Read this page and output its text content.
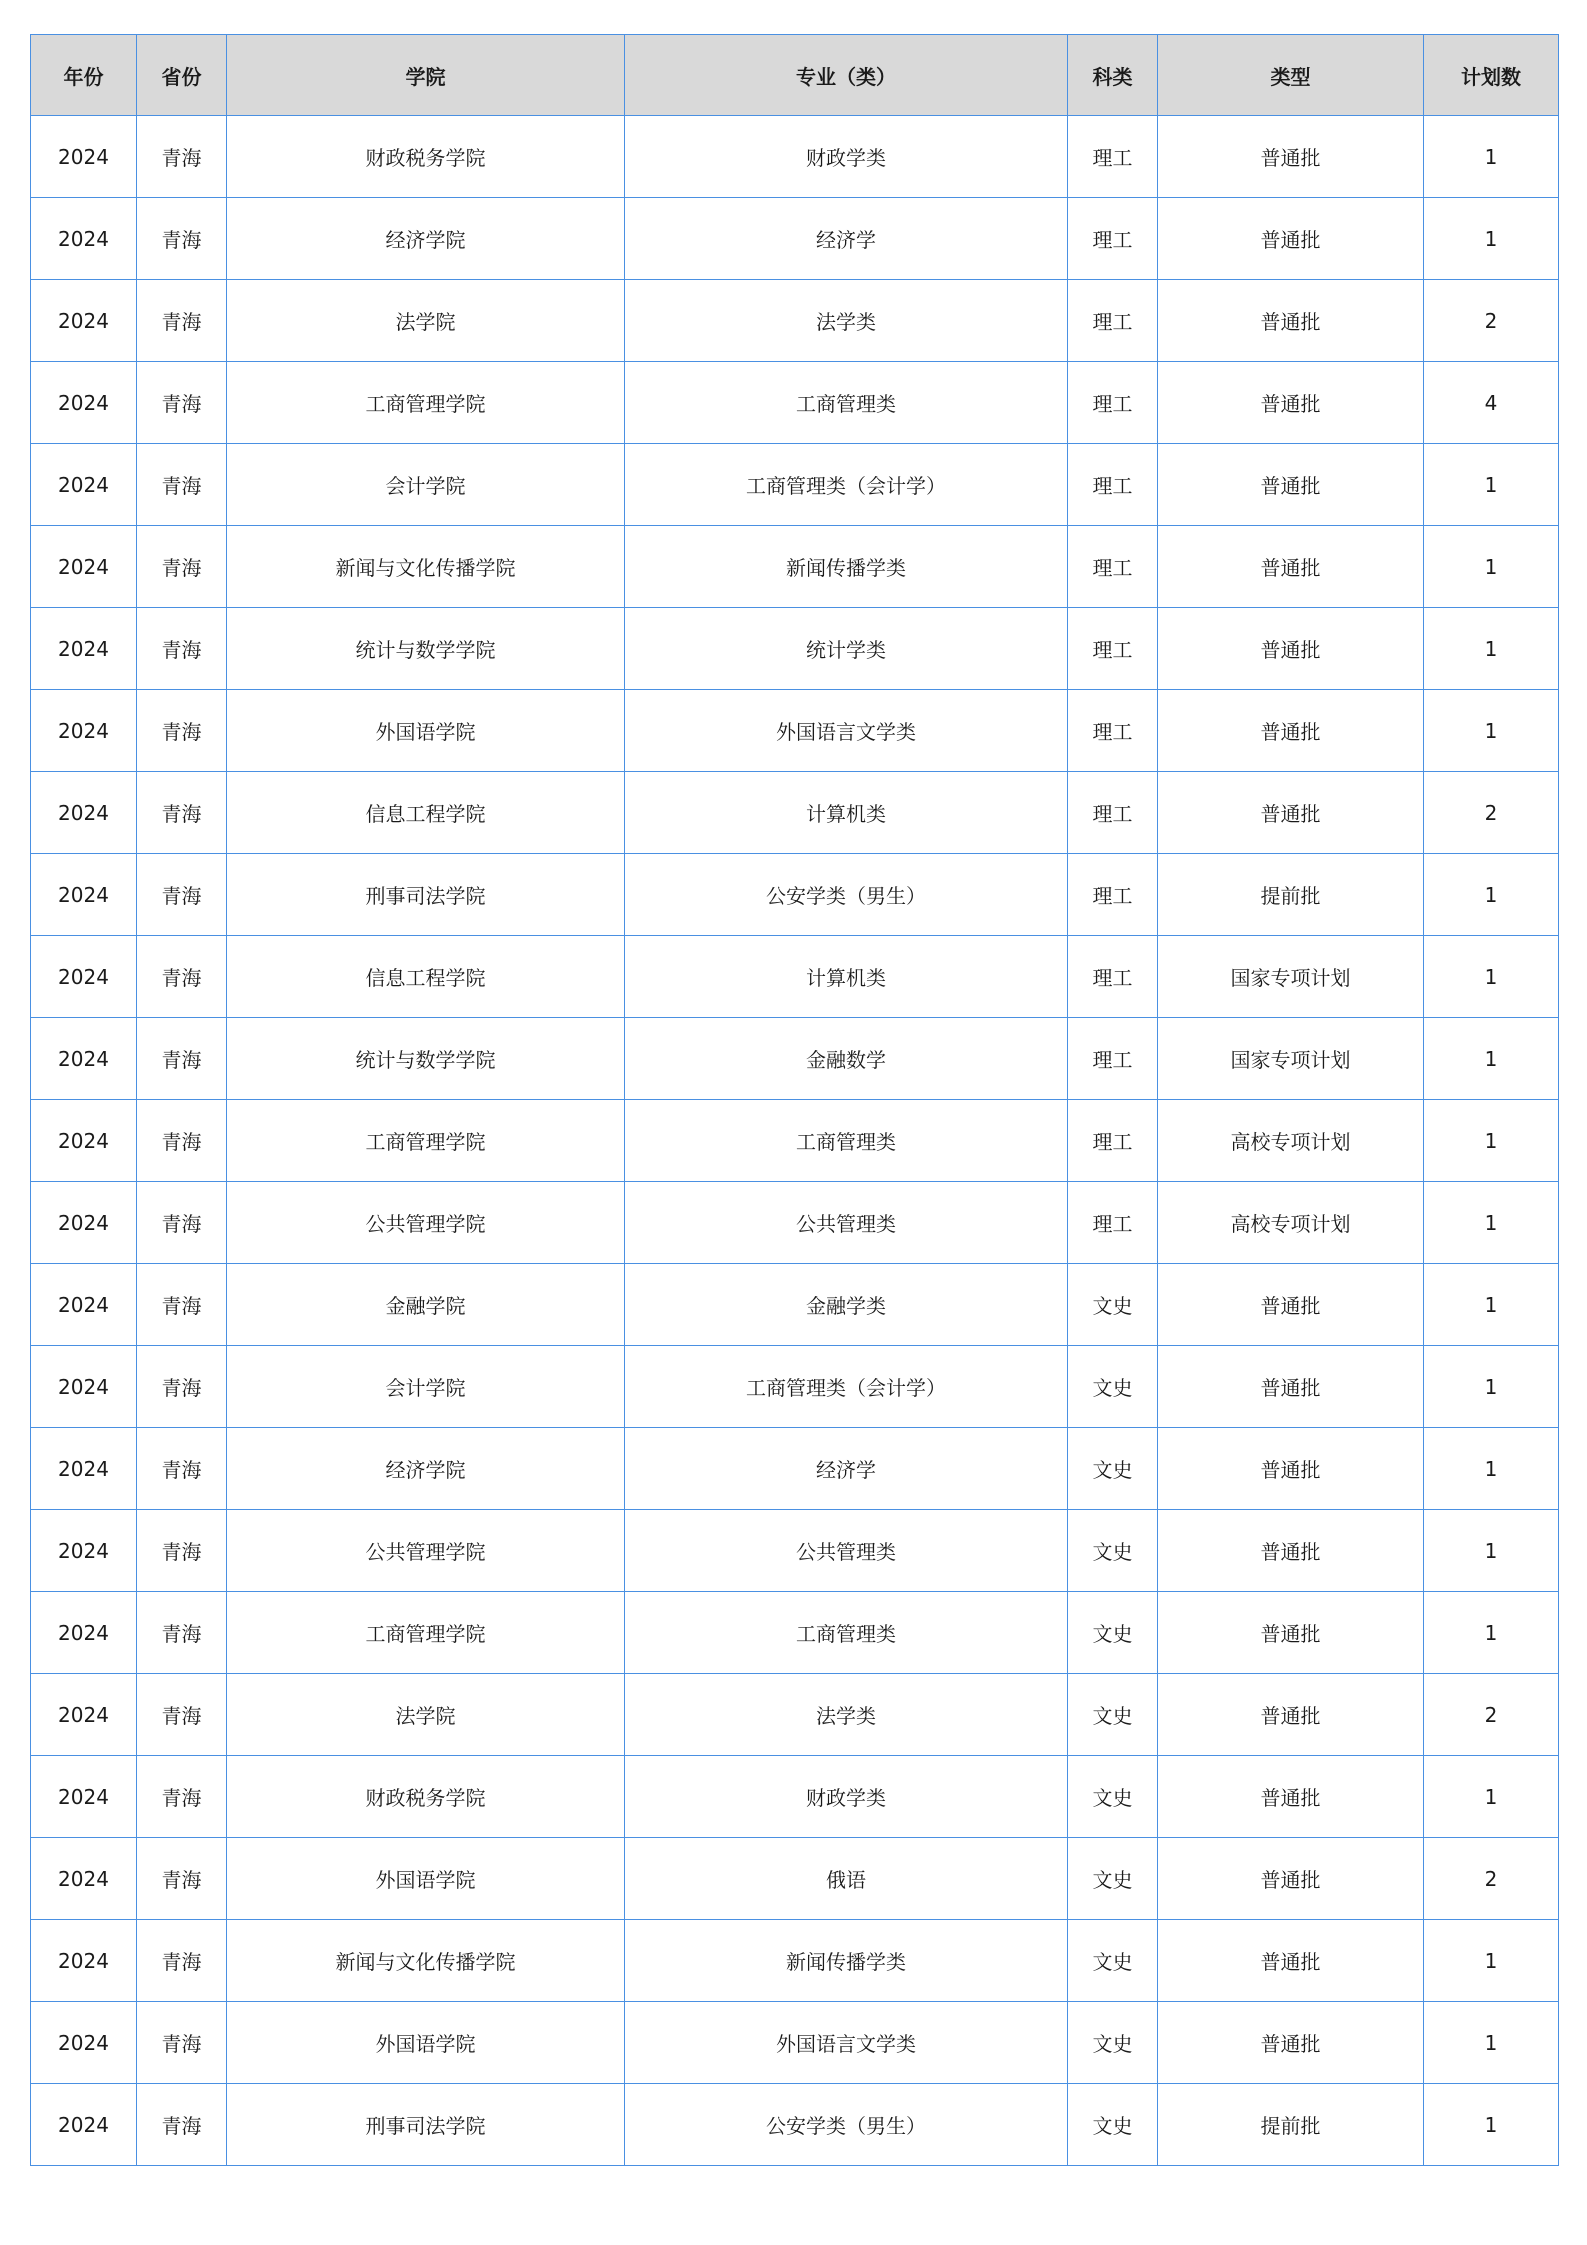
年份	省份	学院	专业（类）	科类	类型	计划数
2024	青海	财政税务学院	财政学类	理工	普通批	1
2024	青海	经济学院	经济学	理工	普通批	1
2024	青海	法学院	法学类	理工	普通批	2
2024	青海	工商管理学院	工商管理类	理工	普通批	4
2024	青海	会计学院	工商管理类（会计学）	理工	普通批	1
2024	青海	新闻与文化传播学院	新闻传播学类	理工	普通批	1
2024	青海	统计与数学学院	统计学类	理工	普通批	1
2024	青海	外国语学院	外国语言文学类	理工	普通批	1
2024	青海	信息工程学院	计算机类	理工	普通批	2
2024	青海	刑事司法学院	公安学类（男生）	理工	提前批	1
2024	青海	信息工程学院	计算机类	理工	国家专项计划	1
2024	青海	统计与数学学院	金融数学	理工	国家专项计划	1
2024	青海	工商管理学院	工商管理类	理工	高校专项计划	1
2024	青海	公共管理学院	公共管理类	理工	高校专项计划	1
2024	青海	金融学院	金融学类	文史	普通批	1
2024	青海	会计学院	工商管理类（会计学）	文史	普通批	1
2024	青海	经济学院	经济学	文史	普通批	1
2024	青海	公共管理学院	公共管理类	文史	普通批	1
2024	青海	工商管理学院	工商管理类	文史	普通批	1
2024	青海	法学院	法学类	文史	普通批	2
2024	青海	财政税务学院	财政学类	文史	普通批	1
2024	青海	外国语学院	俄语	文史	普通批	2
2024	青海	新闻与文化传播学院	新闻传播学类	文史	普通批	1
2024	青海	外国语学院	外国语言文学类	文史	普通批	1
2024	青海	刑事司法学院	公安学类（男生）	文史	提前批	1
